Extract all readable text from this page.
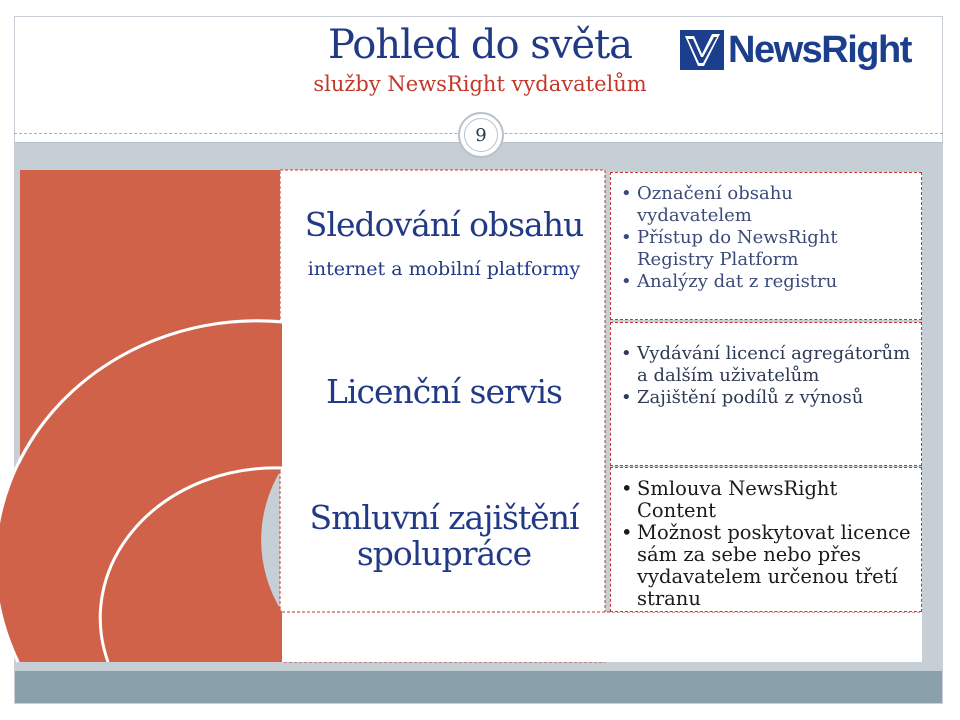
Pohled do světa
služby NewsRight vydavatelům
NewsRight
Sledování obsahu
internet a mobilní platformy
Licenční servis
Smluvní zajištění spolupráce
• Označení obsahu vydavatelem
• Přístup do NewsRight Registry Platform
• Analýzy dat z registru
• Vydávání licencí agregátorům a dalším uživatelům
• Zajištění podílů z výnosů
• Smlouva NewsRight Content
• Možnost poskytovat licence sám za sebe nebo přes vydavatelem určenou třetí stranu
9
